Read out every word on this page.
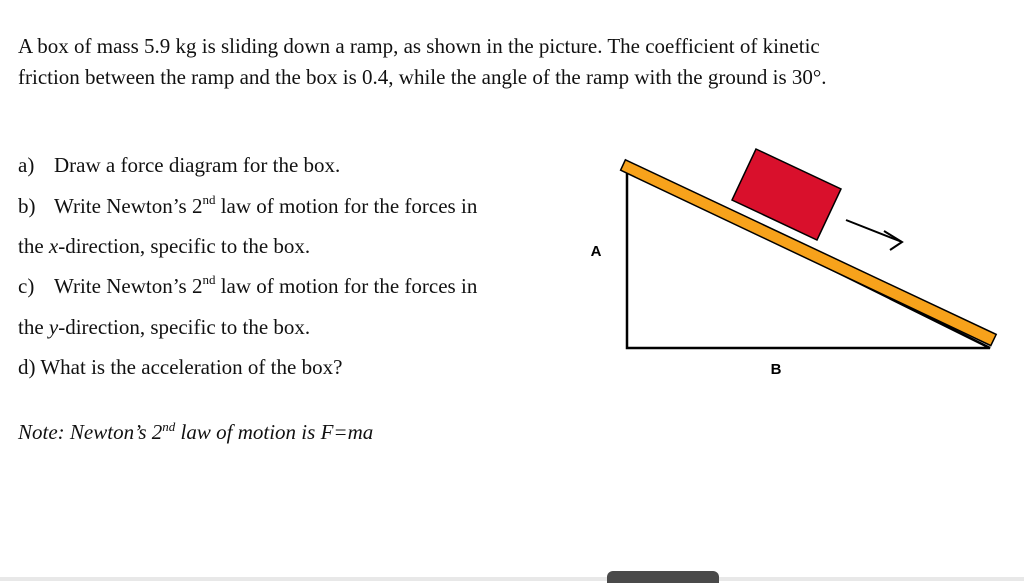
A box of mass 5.9 kg is sliding down a ramp, as shown in the picture. The coefficient of kinetic friction between the ramp and the box is 0.4, while the angle of the ramp with the ground is 30°.

a) Draw a force diagram for the box.
b) Write Newton’s 2nd law of motion for the forces in
the x-direction, specific to the box.
c) Write Newton’s 2nd law of motion for the forces in
the y-direction, specific to the box.
d) What is the acceleration of the box?
Note: Newton’s 2nd law of motion is F=ma
A
B
